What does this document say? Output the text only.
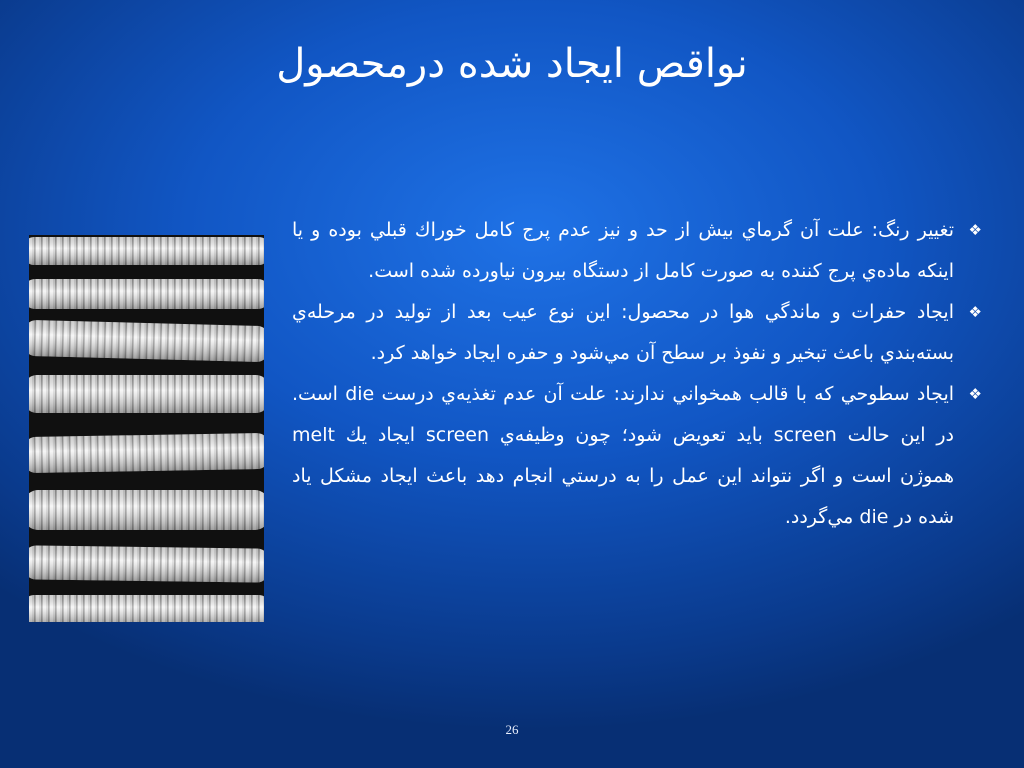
نواقص ايجاد شده درمحصول
❖
تغيير رنگ: علت آن گرماي بيش از حد و نيز عدم پرج كامل خوراك قبلي بوده و يا اينكه ماده‌ي پرج كننده به صورت كامل از دستگاه بيرون نياورده شده است.
❖
ايجاد حفرات و ماندگي هوا در محصول: اين نوع عيب بعد از توليد در مرحله‌ي بسته‌بندي باعث تبخير و نفوذ بر سطح آن مي‌شود و حفره ايجاد خواهد كرد.
❖
ايجاد سطوحي كه با قالب همخواني ندارند: علت آن عدم تغذيه‌ي درست die است. در اين حالت screen بايد تعويض شود؛ چون وظيفه‌ي screen ايجاد يك melt هموژن است و اگر نتواند اين عمل را به درستي انجام دهد باعث ايجاد مشكل ياد شده در die مي‌گردد.
26
